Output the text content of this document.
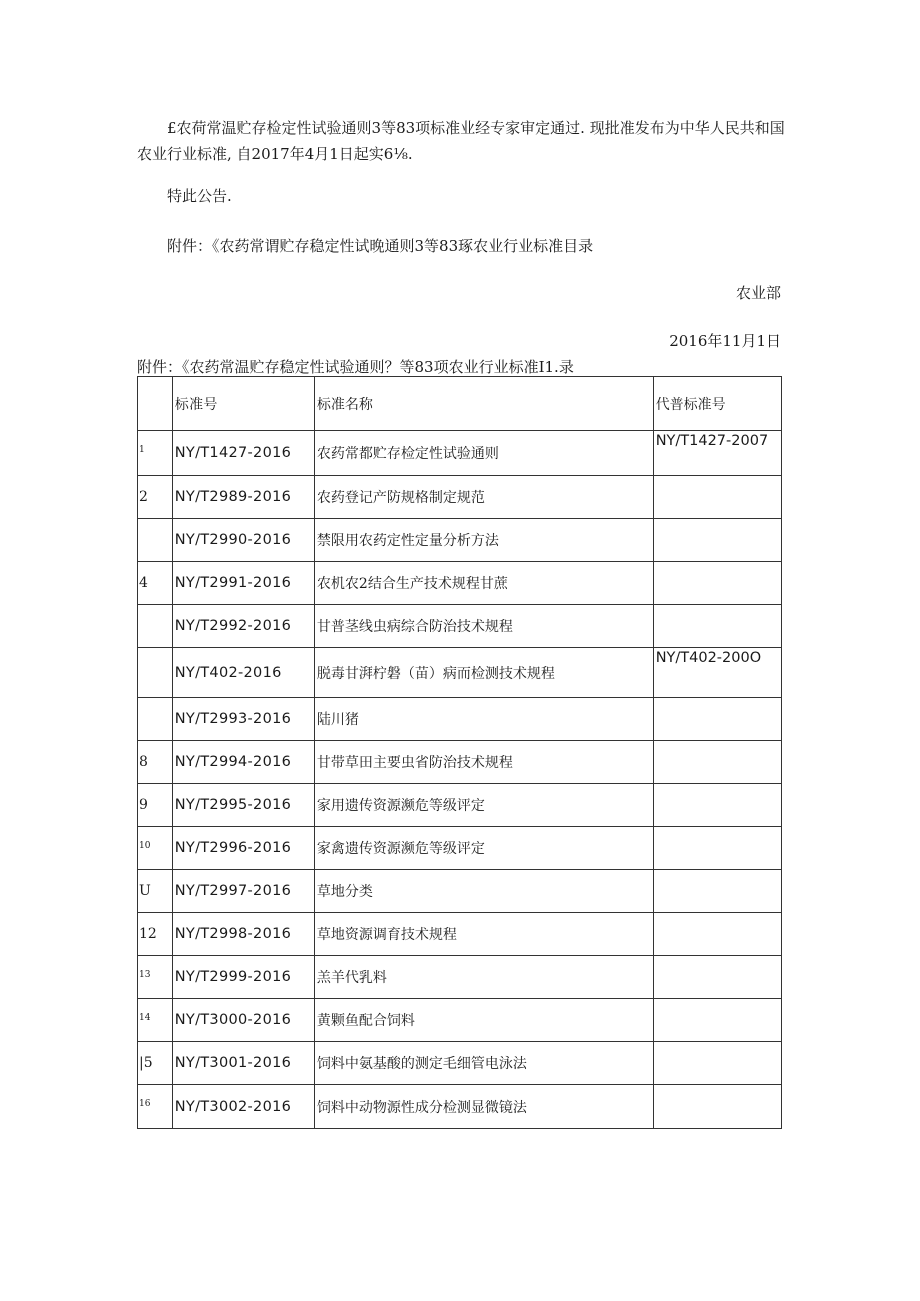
£农荷常温贮存检定性试验通则3等83项标准业经专家审定通过. 现批准发布为中华人民共和国农业行业标准, 自2017年4月1日起实6⅛.

特此公告.

附件：《农药常谓贮存稳定性试晚通则3等83琢农业行业标准目录

农业部
2016年11月1日
附件：《农药常温贮存稳定性试验通则？等83项农业行业标准I1.录
	标准号	标准名称	代普标准号
1	NY/T1427-2016	农药常都贮存检定性试验通则	NY/T1427-2007
2	NY/T2989-2016	农药登记产防规格制定规范	
	NY/T2990-2016	禁限用农药定性定量分析方法	
4	NY/T2991-2016	农机农2结合生产技术规程甘蔗	
	NY/T2992-2016	甘普茎线虫病综合防治技术规程	
	NY/T402-2016	脱毒甘湃柠磐（苗）病而检测技术规程	NY/T402-200O
	NY/T2993-2016	陆川猪	
8	NY/T2994-2016	甘带草田主要虫省防治技术规程	
9	NY/T2995-2016	家用遗传资源濒危等级评定	
10	NY/T2996-2016	家禽遗传资源濒危等级评定	
U	NY/T2997-2016	草地分类	
12	NY/T2998-2016	草地资源调育技术规程	
13	NY/T2999-2016	羔羊代乳料	
14	NY/T3000-2016	黄颗鱼配合饲料	
|5	NY/T3001-2016	饲料中氨基酸的测定毛细管电泳法	
16	NY/T3002-2016	饲料中动物源性成分检测显微镜法	
